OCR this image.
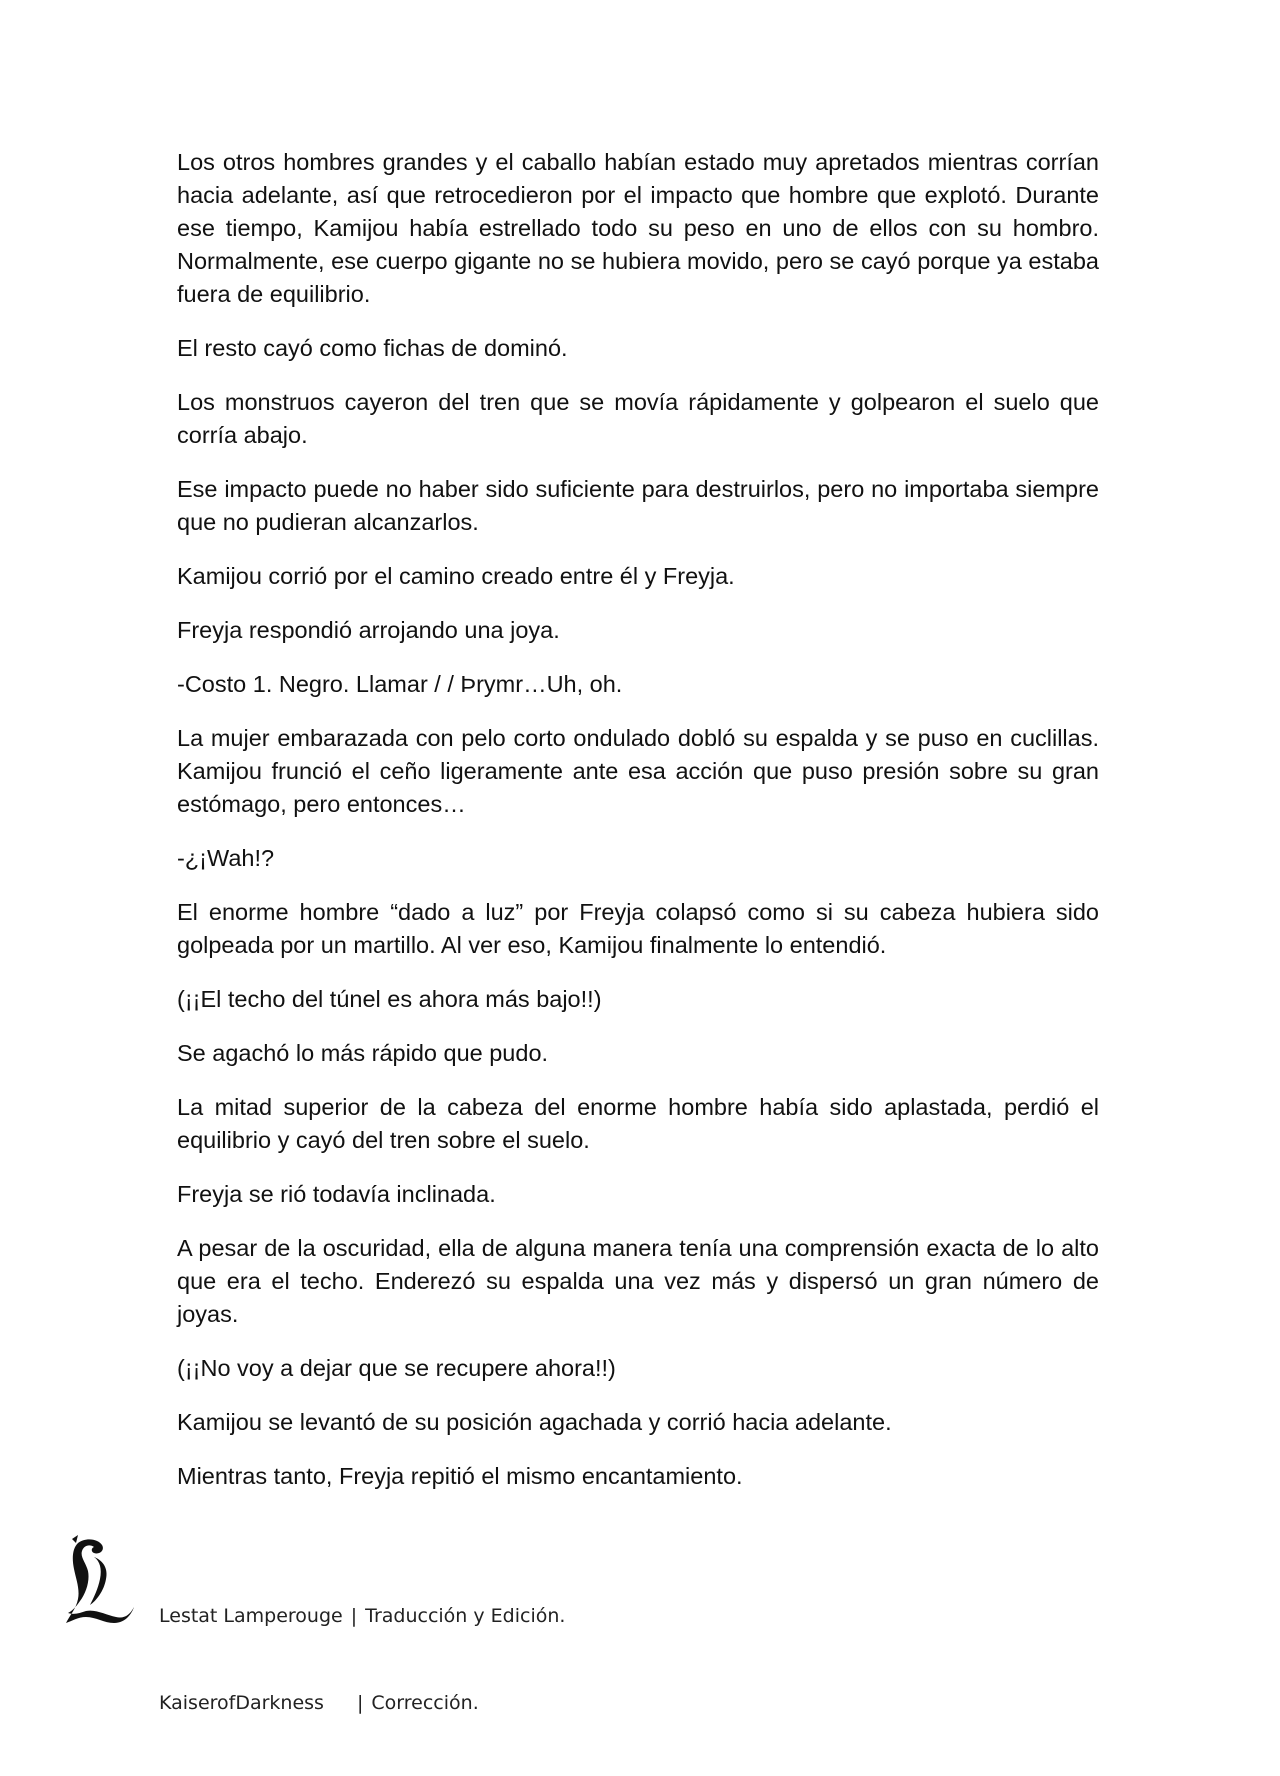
Los otros hombres grandes y el caballo habían estado muy apretados mientras corrían hacia adelante, así que retrocedieron por el impacto que hombre que explotó. Durante ese tiempo, Kamijou había estrellado todo su peso en uno de ellos con su hombro. Normalmente, ese cuerpo gigante no se hubiera movido, pero se cayó porque ya estaba fuera de equilibrio.

El resto cayó como fichas de dominó.

Los monstruos cayeron del tren que se movía rápidamente y golpearon el suelo que corría abajo.

Ese impacto puede no haber sido suficiente para destruirlos, pero no importaba siempre que no pudieran alcanzarlos.

Kamijou corrió por el camino creado entre él y Freyja.

Freyja respondió arrojando una joya.

-Costo 1. Negro. Llamar / / Þrymr…Uh, oh.

La mujer embarazada con pelo corto ondulado dobló su espalda y se puso en cuclillas. Kamijou frunció el ceño ligeramente ante esa acción que puso presión sobre su gran estómago, pero entonces…

-¿¡Wah!?

El enorme hombre “dado a luz” por Freyja colapsó como si su cabeza hubiera sido golpeada por un martillo. Al ver eso, Kamijou finalmente lo entendió.

(¡¡El techo del túnel es ahora más bajo!!)

Se agachó lo más rápido que pudo.

La mitad superior de la cabeza del enorme hombre había sido aplastada, perdió el equilibrio y cayó del tren sobre el suelo.

Freyja se rió todavía inclinada.

A pesar de la oscuridad, ella de alguna manera tenía una comprensión exacta de lo alto que era el techo. Enderezó su espalda una vez más y dispersó un gran número de joyas.

(¡¡No voy a dejar que se recupere ahora!!)

Kamijou se levantó de su posición agachada y corrió hacia adelante.

Mientras tanto, Freyja repitió el mismo encantamiento.

Lestat Lamperouge | Traducción y Edición.

KaiserofDarkness | Corrección.
